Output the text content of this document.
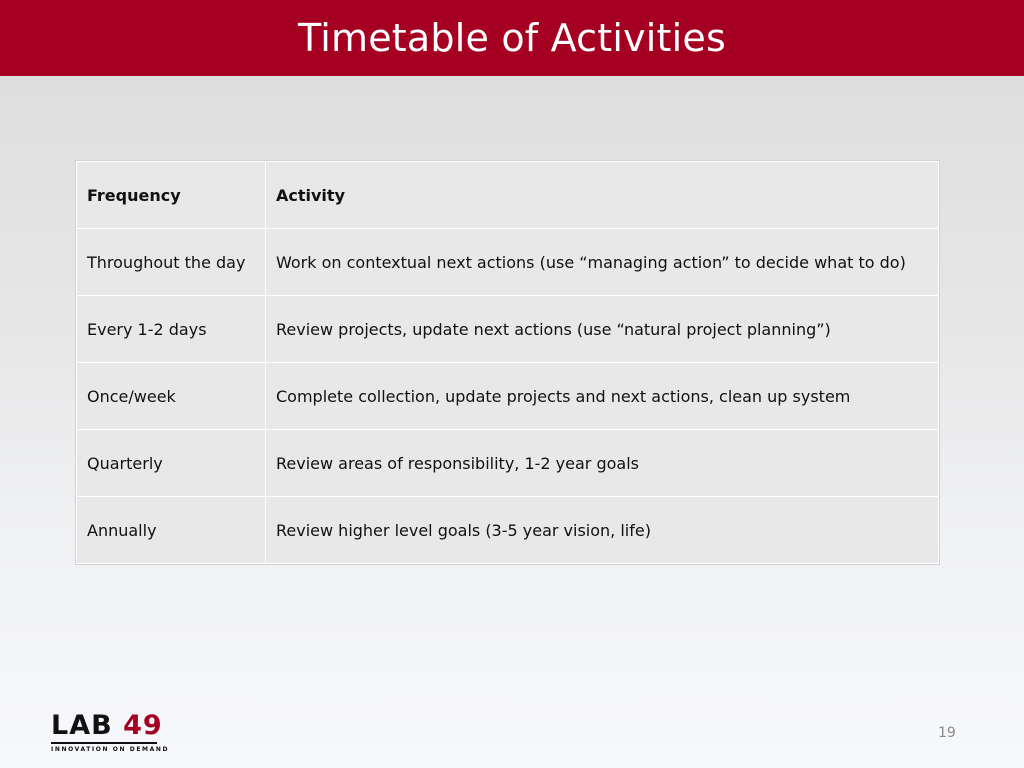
Timetable of Activities
Frequency	Activity
Throughout the day	Work on contextual next actions (use “managing action” to decide what to do)
Every 1-2 days	Review projects, update next actions (use “natural project planning”)
Once/week	Complete collection, update projects and next actions, clean up system
Quarterly	Review areas of responsibility, 1-2 year goals
Annually	Review higher level goals (3-5 year vision, life)
LAB 49
INNOVATION ON DEMAND
19
